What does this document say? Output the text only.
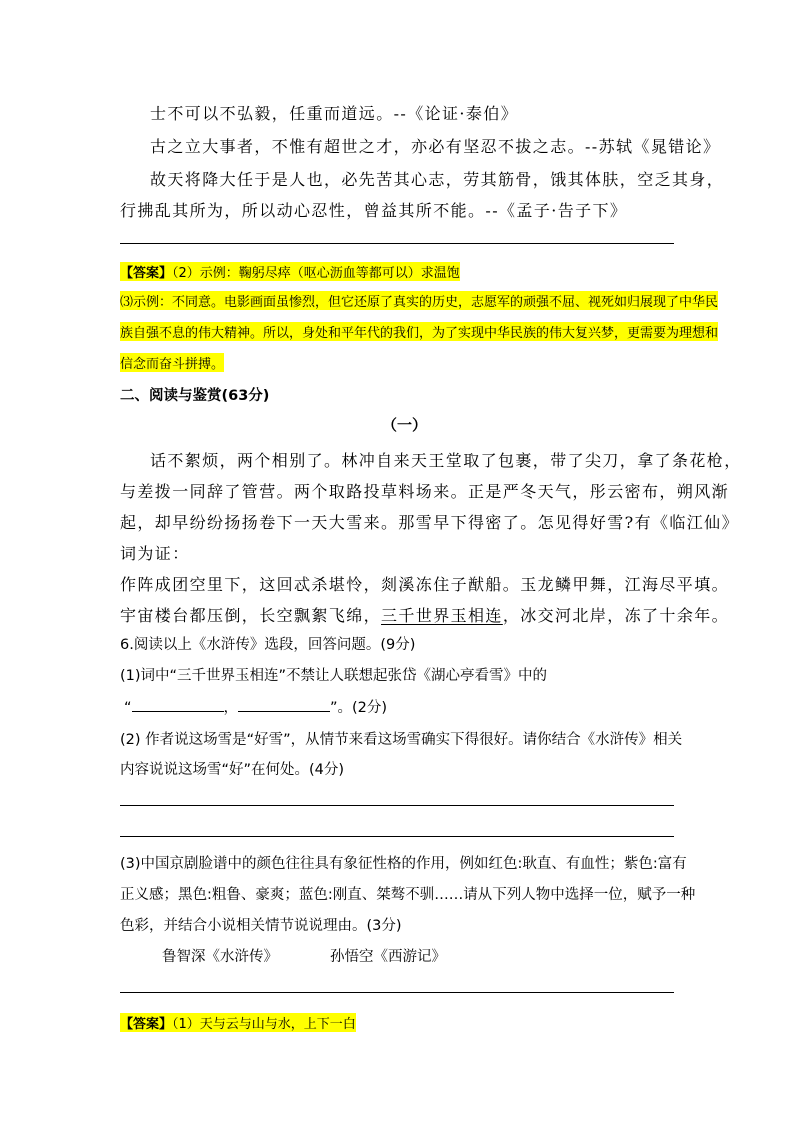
士不可以不弘毅，任重而道远。--《论证·泰伯》
古之立大事者，不惟有超世之才，亦必有坚忍不拔之志。--苏轼《晁错论》
故天将降大任于是人也，必先苦其心志，劳其筋骨，饿其体肤，空乏其身，
行拂乱其所为，所以动心忍性，曾益其所不能。--《孟子·告子下》
【答案】（2）示例：鞠躬尽瘁（呕心沥血等都可以）求温饱
⑶示例：不同意。电影画面虽惨烈，但它还原了真实的历史，志愿军的顽强不屈、视死如归展现了中华民
族自强不息的伟大精神。所以，身处和平年代的我们，为了实现中华民族的伟大复兴梦，更需要为理想和
信念而奋斗拼搏。
二、阅读与鉴赏(63分)
（一）
话不絮烦，两个相别了。林冲自来天王堂取了包裹，带了尖刀，拿了条花枪，
与差拨一同辞了管营。两个取路投草料场来。正是严冬天气，彤云密布，朔风渐
起，却早纷纷扬扬卷下一天大雪来。那雪早下得密了。怎见得好雪?有《临江仙》
词为证：
作阵成团空里下，这回忒杀堪怜，剡溪冻住子猷船。玉龙鳞甲舞，江海尽平填。
宇宙楼台都压倒，长空飘絮飞绵，三千世界玉相连，冰交河北岸，冻了十余年。
6.阅读以上《水浒传》选段，回答问题。(9分)
(1)词中“三千世界玉相连”不禁让人联想起张岱《湖心亭看雪》中的
“	，	”。(2分)
(2) 作者说这场雪是“好雪”，从情节来看这场雪确实下得很好。请你结合《水浒传》相关
内容说说这场雪“好”在何处。(4分)
(3)中国京剧脸谱中的颜色往往具有象征性格的作用，例如红色:耿直、有血性；紫色:富有
正义感；黑色:粗鲁、豪爽；蓝色:刚直、桀骜不驯……请从下列人物中选择一位，赋予一种
色彩，并结合小说相关情节说说理由。(3分)
鲁智深《水浒传》	孙悟空《西游记》
【答案】（1）天与云与山与水，上下一白
